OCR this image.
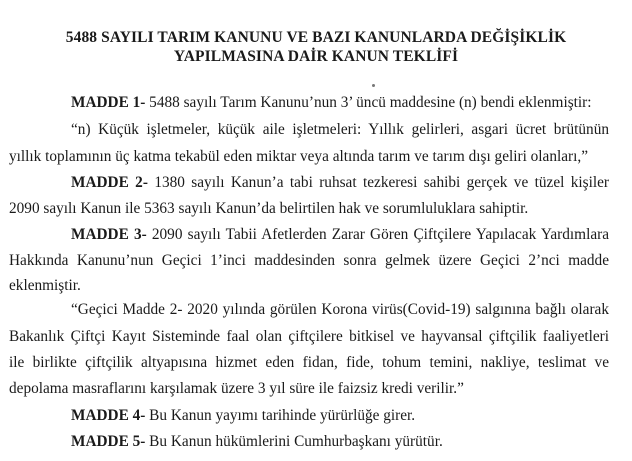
5488 SAYILI TARIM KANUNU VE BAZI KANUNLARDA DEĞİŞİKLİK
YAPILMASINA DAİR KANUN TEKLİFİ
MADDE 1- 5488 sayılı Tarım Kanunu’nun 3’ üncü maddesine (n) bendi eklenmiştir:
“n) Küçük işletmeler, küçük aile işletmeleri: Yıllık gelirleri, asgari ücret brütünün
yıllık toplamının üç katma tekabül eden miktar veya altında tarım ve tarım dışı geliri olanları,”
MADDE 2- 1380 sayılı Kanun’a tabi ruhsat tezkeresi sahibi gerçek ve tüzel kişiler
2090 sayılı Kanun ile 5363 sayılı Kanun’da belirtilen hak ve sorumluluklara sahiptir.
MADDE 3- 2090 sayılı Tabii Afetlerden Zarar Gören Çiftçilere Yapılacak Yardımlara
Hakkında Kanunu’nun Geçici 1’inci maddesinden sonra gelmek üzere Geçici 2’nci madde
eklenmiştir.
“Geçici Madde 2- 2020 yılında görülen Korona virüs(Covid-19) salgınına bağlı olarak
Bakanlık Çiftçi Kayıt Sisteminde faal olan çiftçilere bitkisel ve hayvansal çiftçilik faaliyetleri
ile birlikte çiftçilik altyapısına hizmet eden fidan, fide, tohum temini, nakliye, teslimat ve
depolama masraflarını karşılamak üzere 3 yıl süre ile faizsiz kredi verilir.”
MADDE 4- Bu Kanun yayımı tarihinde yürürlüğe girer.
MADDE 5- Bu Kanun hükümlerini Cumhurbaşkanı yürütür.
